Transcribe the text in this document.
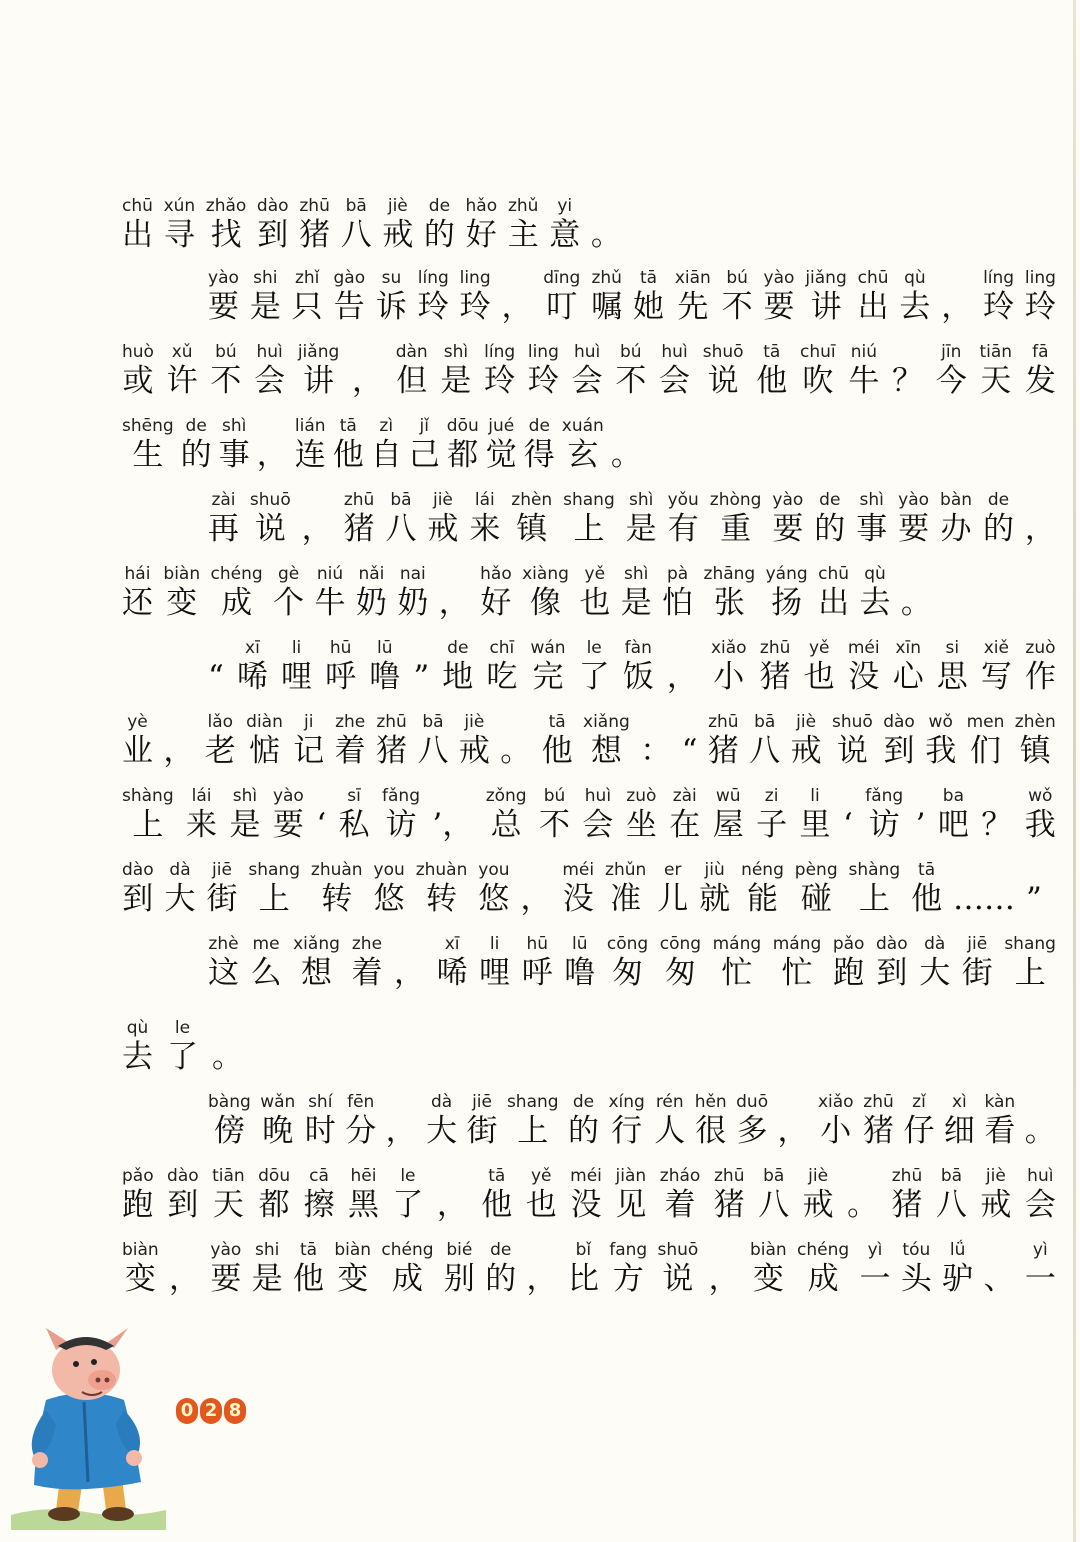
chū
出
xún
寻
zhǎo
找
dào
到
zhū
猪
bā
八
jiè
戒
de
的
hǎo
好
zhǔ
主
yi
意 。
yào
要
shi
是
zhǐ
只
gào
告
su
诉
líng
玲
ling
玲 ，
dīng
叮
zhǔ
嘱
tā
她
xiān
先
bú
不
yào
要
jiǎng
讲
chū
出
qù
去 ，
líng
玲
ling
玲
huò
或
xǔ
许
bú
不
huì
会
jiǎng
讲 ，
dàn
但
shì
是
líng
玲
ling
玲
huì
会
bú
不
huì
会
shuō
说
tā
他
chuī
吹
niú
牛 ？
jīn
今
tiān
天
fā
发
shēng
生
de
的
shì
事 ，
lián
连
tā
他
zì
自
jǐ
己
dōu
都
jué
觉
de
得
xuán
玄 。
zài
再
shuō
说 ，
zhū
猪
bā
八
jiè
戒
lái
来
zhèn
镇
shang
上
shì
是
yǒu
有
zhòng
重
yào
要
de
的
shì
事
yào
要
bàn
办
de
的 ，
hái
还
biàn
变
chéng
成
gè
个
niú
牛
nǎi
奶
nai
奶 ，
hǎo
好
xiàng
像
yě
也
shì
是
pà
怕
zhāng
张
yáng
扬
chū
出
qù
去 。
“
xī
唏
li
哩
hū
呼
lū
噜 ”
de
地
chī
吃
wán
完
le
了
fàn
饭 ，
xiǎo
小
zhū
猪
yě
也
méi
没
xīn
心
si
思
xiě
写
zuò
作
yè
业 ，
lǎo
老
diàn
惦
ji
记
zhe
着
zhū
猪
bā
八
jiè
戒 。
tā
他
xiǎng
想 ： “
zhū
猪
bā
八
jiè
戒
shuō
说
dào
到
wǒ
我
men
们
zhèn
镇
shàng
上
lái
来
shì
是
yào
要 ‘
sī
私
fǎng
访 ’，
zǒng
总
bú
不
huì
会
zuò
坐
zài
在
wū
屋
zi
子
li
里 ‘
fǎng
访 ’
ba
吧 ？
wǒ
我
dào
到
dà
大
jiē
街
shang
上
zhuàn
转
you
悠
zhuàn
转
you
悠 ，
méi
没
zhǔn
准
er
儿
jiù
就
néng
能
pèng
碰
shàng
上
tā
他 …… ”
zhè
这
me
么
xiǎng
想
zhe
着 ，
xī
唏
li
哩
hū
呼
lū
噜
cōng
匆
cōng
匆
máng
忙
máng
忙
pǎo
跑
dào
到
dà
大
jiē
街
shang
上
qù
去
le
了 。
bàng
傍
wǎn
晚
shí
时
fēn
分 ，
dà
大
jiē
街
shang
上
de
的
xíng
行
rén
人
hěn
很
duō
多 ，
xiǎo
小
zhū
猪
zǐ
仔
xì
细
kàn
看 。
pǎo
跑
dào
到
tiān
天
dōu
都
cā
擦
hēi
黑
le
了 ，
tā
他
yě
也
méi
没
jiàn
见
zháo
着
zhū
猪
bā
八
jiè
戒 。
zhū
猪
bā
八
jiè
戒
huì
会
biàn
变 ，
yào
要
shi
是
tā
他
biàn
变
chéng
成
bié
别
de
的 ，
bǐ
比
fang
方
shuō
说 ，
biàn
变
chéng
成
yì
一
tóu
头
lǘ
驴 、
yì
一
0 2 8
